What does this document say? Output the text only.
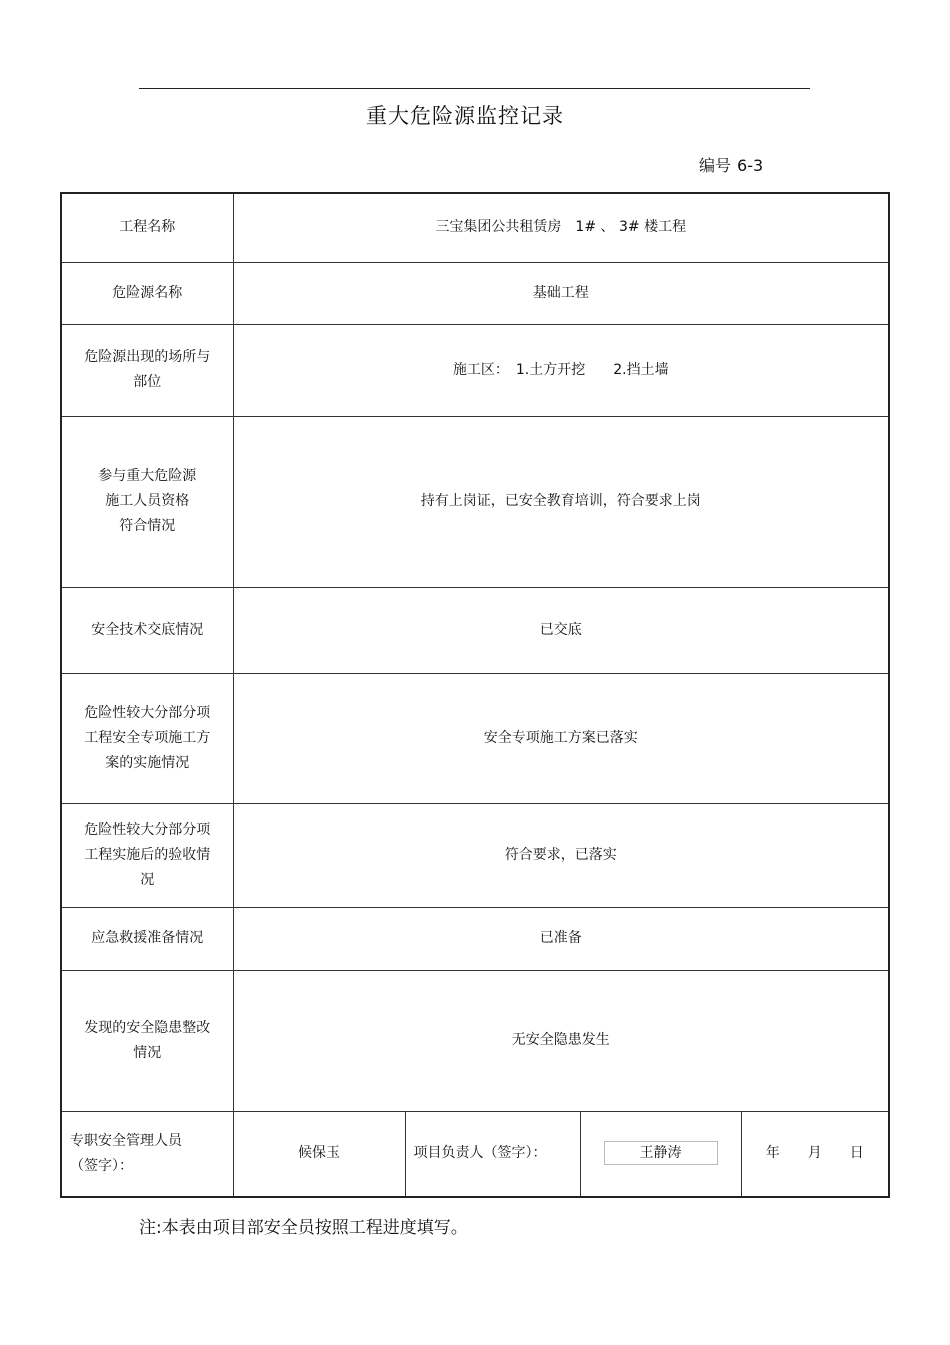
重大危险源监控记录
编号 6-3
工程名称	三宝集团公共租赁房　1# 、 3# 楼工程			
危险源名称	基础工程			
危险源出现的场所与
部位	施工区：　1.土方开挖　　2.挡土墙			
参与重大危险源
施工人员资格
符合情况	持有上岗证，已安全教育培训，符合要求上岗			
安全技术交底情况	已交底			
危险性较大分部分项
工程安全专项施工方
案的实施情况	安全专项施工方案已落实			
危险性较大分部分项
工程实施后的验收情
况	符合要求，已落实			
应急救援准备情况	已准备			
发现的安全隐患整改
情况	无安全隐患发生			
专职安全管理人员
（签字）：	候保玉	项目负责人（签字）：	王静涛	年 月 日
注:本表由项目部安全员按照工程进度填写。
